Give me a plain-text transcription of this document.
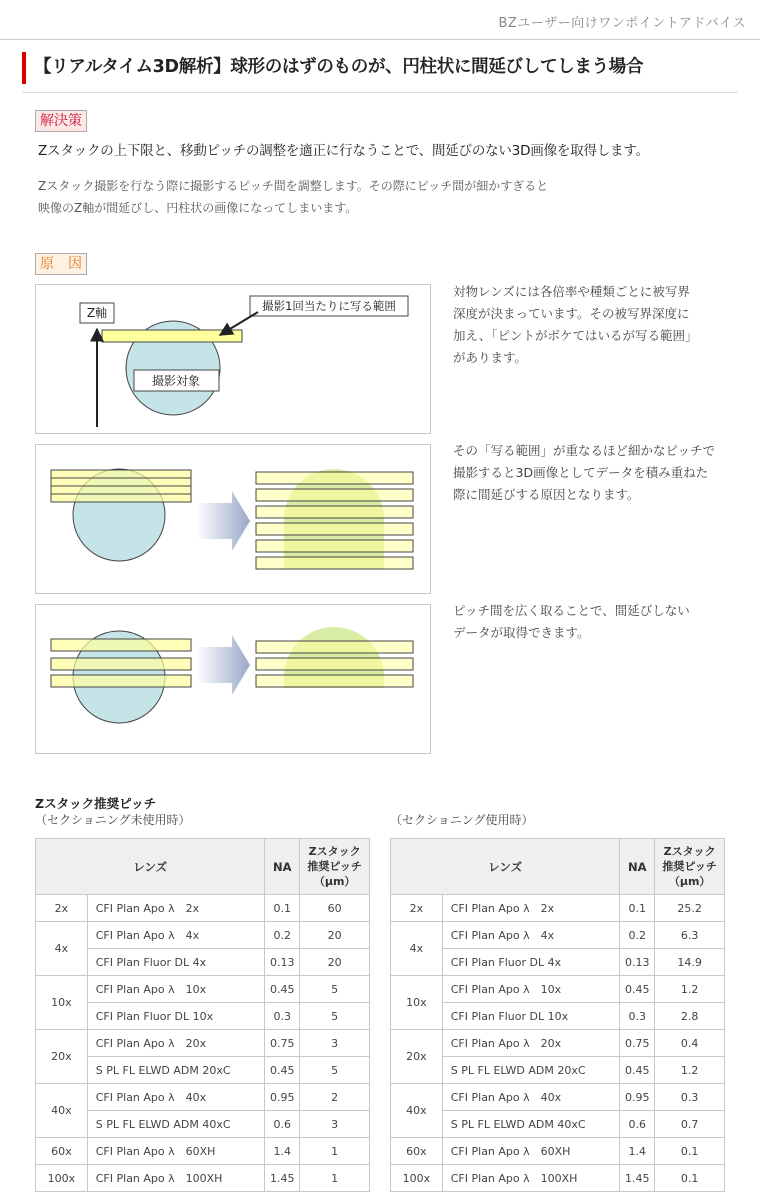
BZユーザー向けワンポイントアドバイス
【リアルタイム3D解析】球形のはずのものが、円柱状に間延びしてしまう場合
解決策

Ζスタックの上下限と、移動ピッチの調整を適正に行なうことで、間延びのない3D画像を取得します。

Ζスタック撮影を行なう際に撮影するピッチ間を調整します。その際にピッチ間が細かすぎると

映像のZ軸が間延びし、円柱状の画像になってしまいます。

原　因
Z軸	撮影1回当たりに写る範囲
撮影対象
対物レンズには各倍率や種類ごとに被写界
深度が決まっています。その被写界深度に
加え、「ピントがボケてはいるが写る範囲」
があります。
その「写る範囲」が重なるほど細かなピッチで
撮影すると3D画像としてデータを積み重ねた
際に間延びする原因となります。
ピッチ間を広く取ることで、間延びしない
データが取得できます。
Zスタック推奨ピッチ
（セクショニング未使用時）	（セクショニング使用時）
レンズ		NA	Zスタック
推奨ピッチ
（μm）

2x	CFI Plan Apo λ　2x	0.1	60
4x	CFI Plan Apo λ　4x	0.2	20
	CFI Plan Fluor DL 4x	0.13	20
10x	CFI Plan Apo λ　10x	0.45	5
	CFI Plan Fluor DL 10x	0.3	5
20x	CFI Plan Apo λ　20x	0.75	3
	S PL FL ELWD ADM 20xC	0.45	5
40x	CFI Plan Apo λ　40x	0.95	2
	S PL FL ELWD ADM 40xC	0.6	3
60x	CFI Plan Apo λ　60XH	1.4	1
100x	CFI Plan Apo λ　100XH	1.45	1
レンズ		NA	Zスタック
推奨ピッチ
（μm）

2x	CFI Plan Apo λ　2x	0.1	25.2
4x	CFI Plan Apo λ　4x	0.2	6.3
	CFI Plan Fluor DL 4x	0.13	14.9
10x	CFI Plan Apo λ　10x	0.45	1.2
	CFI Plan Fluor DL 10x	0.3	2.8
20x	CFI Plan Apo λ　20x	0.75	0.4
	S PL FL ELWD ADM 20xC	0.45	1.2
40x	CFI Plan Apo λ　40x	0.95	0.3
	S PL FL ELWD ADM 40xC	0.6	0.7
60x	CFI Plan Apo λ　60XH	1.4	0.1
100x	CFI Plan Apo λ　100XH	1.45	0.1
